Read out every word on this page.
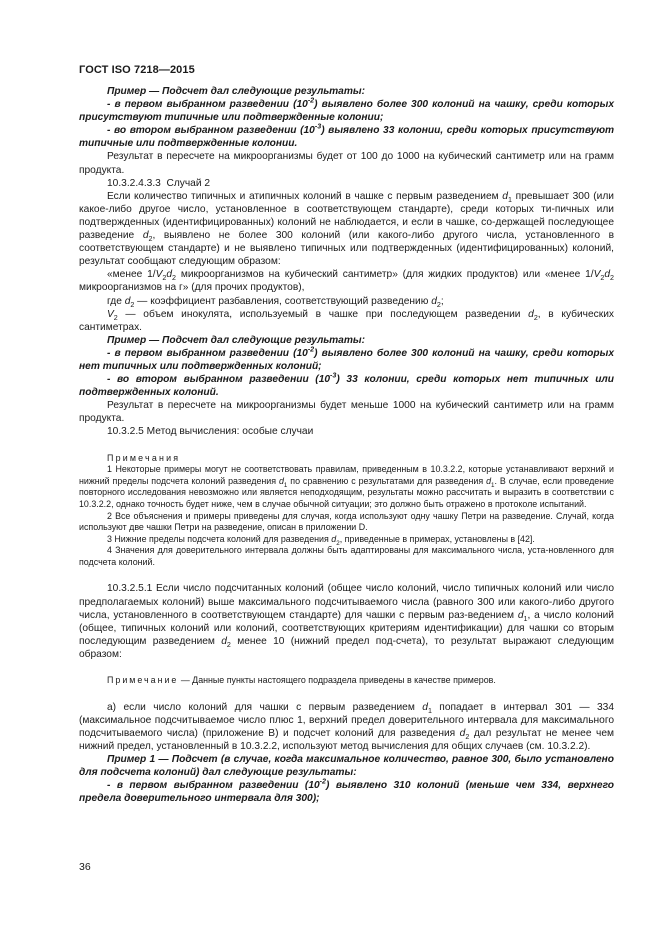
ГОСТ ISO 7218—2015
Пример — Подсчет дал следующие результаты:
- в первом выбранном разведении $(10^{-2})$ выявлено более 300 колоний на чашку, среди которых присутствуют типичные или подтвержденные колонии;
- во втором выбранном разведении $(10^{-3})$ выявлено 33 колонии, среди которых присутствуют типичные или подтвержденные колонии.
Результат в пересчете на микроорганизмы будет от 100 до 1000 на кубический сантиметр или на грамм продукта.
10.3.2.4.3.3  Случай 2
Если количество типичных и атипичных колоний в чашке с первым разведением $d_1$ превышает 300 (или какое-либо другое число, установленное в соответствующем стандарте), среди которых ти-пичных или подтвержденных (идентифицированных) колоний не наблюдается, и если в чашке, со-держащей последующее разведение $d_2$, выявлено не более 300 колоний (или какого-либо другого числа, установленного в соответствующем стандарте) и не выявлено типичных или подтвержденных (идентифицированных) колоний, результат сообщают следующим образом:
«менее $1/V_2d_2$ микроорганизмов на кубический сантиметр» (для жидких продуктов) или «менее $1/V_2d_2$ микроорганизмов на г» (для прочих продуктов),
где $d_2$ — коэффициент разбавления, соответствующий разведению $d_2$;
$V_2$ — объем инокулята, используемый в чашке при последующем разведении $d_2$, в кубических сантиметрах.
Пример — Подсчет дал следующие результаты:
- в первом выбранном разведении $(10^{-2})$ выявлено более 300 колоний на чашку, среди которых нет типичных или подтвержденных колоний;
- во втором выбранном разведении $(10^{-3})$ 33 колонии, среди которых нет типичных или подтвержденных колоний.
Результат в пересчете на микроорганизмы будет меньше 1000 на кубический сантиметр или на грамм продукта.
10.3.2.5 Метод вычисления: особые случаи
Примечания
1 Некоторые примеры могут не соответствовать правилам, приведенным в 10.3.2.2, которые устанавливают верхний и нижний пределы подсчета колоний разведения $d_1$ по сравнению с результатами для разведения $d_1$. В случае, если проведение повторного исследования невозможно или является неподходящим, результаты можно рассчитать и выразить в соответствии с 10.3.2.2, однако точность будет ниже, чем в случае обычной ситуации; это должно быть отражено в протоколе испытаний.
2 Все объяснения и примеры приведены для случая, когда используют одну чашку Петри на разведение. Случай, когда используют две чашки Петри на разведение, описан в приложении D.
3 Нижние пределы подсчета колоний для разведения $d_2$, приведенные в примерах, установлены в [42].
4 Значения для доверительного интервала должны быть адаптированы для максимального числа, уста-новленного для подсчета колоний.
10.3.2.5.1 Если число подсчитанных колоний (общее число колоний, число типичных колоний или число предполагаемых колоний) выше максимального подсчитываемого числа (равного 300 или какого-либо другого числа, установленного в соответствующем стандарте) для чашки с первым раз-ведением $d_1$, а число колоний (общее, типичных колоний или колоний, соответствующих критериям идентификации) для чашки со вторым последующим разведением $d_2$ менее 10 (нижний предел под-счета), то результат выражают следующим образом:
Примечание — Данные пункты настоящего подраздела приведены в качестве примеров.
а) если число колоний для чашки с первым разведением $d_1$ попадает в интервал 301 — 334 (максимальное подсчитываемое число плюс 1, верхний предел доверительного интервала для максимального подсчитываемого числа) (приложение В) и подсчет колоний для разведения $d_2$ дал результат не менее чем нижний предел, установленный в 10.3.2.2, используют метод вычисления для общих случаев (см. 10.3.2.2).
Пример 1 — Подсчет (в случае, когда максимальное количество, равное 300, было установлено для подсчета колоний) дал следующие результаты:
- в первом выбранном разведении $(10^{-2})$ выявлено 310 колоний (меньше чем 334, верхнего предела доверительного интервала для 300);
36
